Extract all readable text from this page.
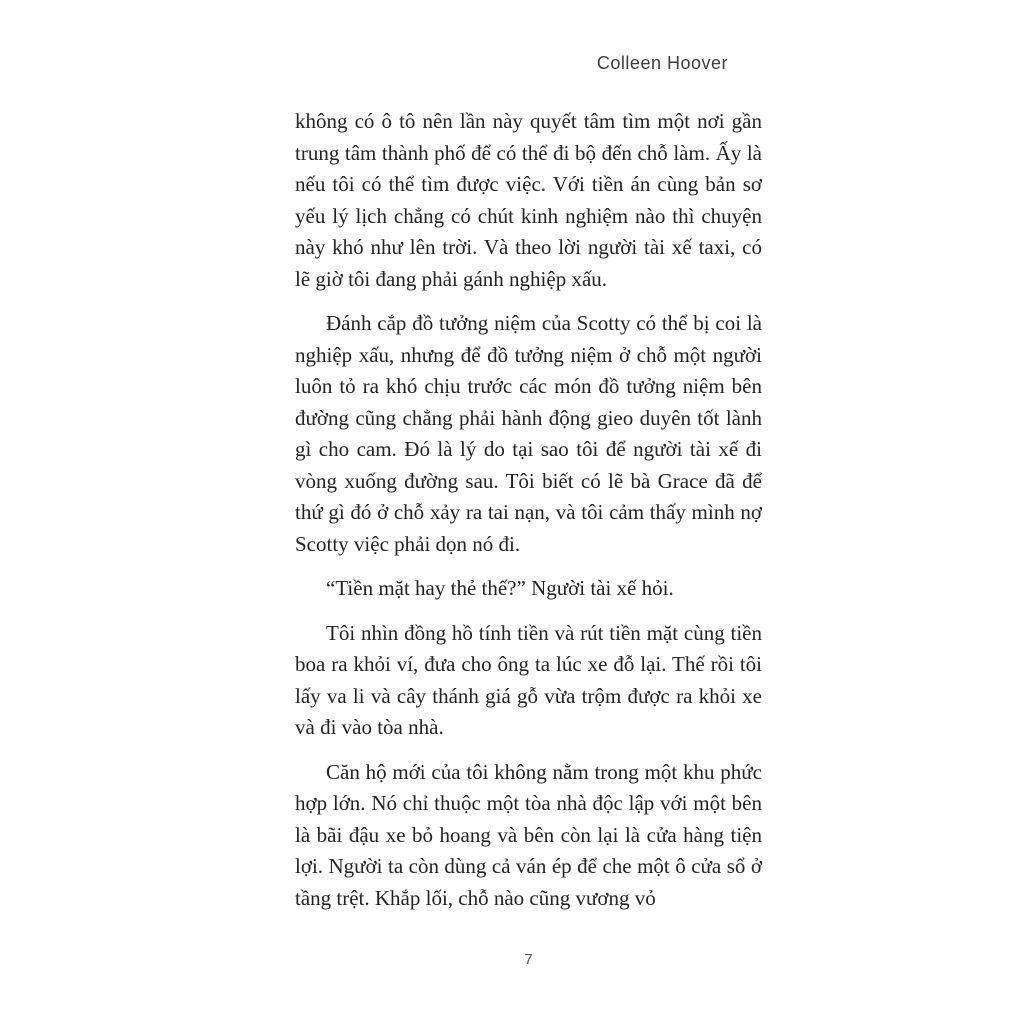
Colleen Hoover

không có ô tô nên lần này quyết tâm tìm một nơi gần trung tâm thành phố để có thể đi bộ đến chỗ làm. Ấy là nếu tôi có thể tìm được việc. Với tiền án cùng bản sơ yếu lý lịch chẳng có chút kinh nghiệm nào thì chuyện này khó như lên trời. Và theo lời người tài xế taxi, có lẽ giờ tôi đang phải gánh nghiệp xấu.

Đánh cắp đồ tưởng niệm của Scotty có thể bị coi là nghiệp xấu, nhưng để đồ tưởng niệm ở chỗ một người luôn tỏ ra khó chịu trước các món đồ tưởng niệm bên đường cũng chẳng phải hành động gieo duyên tốt lành gì cho cam. Đó là lý do tại sao tôi để người tài xế đi vòng xuống đường sau. Tôi biết có lẽ bà Grace đã để thứ gì đó ở chỗ xảy ra tai nạn, và tôi cảm thấy mình nợ Scotty việc phải dọn nó đi.

“Tiền mặt hay thẻ thế?” Người tài xế hỏi.

Tôi nhìn đồng hồ tính tiền và rút tiền mặt cùng tiền boa ra khỏi ví, đưa cho ông ta lúc xe đỗ lại. Thế rồi tôi lấy va li và cây thánh giá gỗ vừa trộm được ra khỏi xe và đi vào tòa nhà.

Căn hộ mới của tôi không nằm trong một khu phức hợp lớn. Nó chỉ thuộc một tòa nhà độc lập với một bên là bãi đậu xe bỏ hoang và bên còn lại là cửa hàng tiện lợi. Người ta còn dùng cả ván ép để che một ô cửa sổ ở tầng trệt. Khắp lối, chỗ nào cũng vương vỏ

7
